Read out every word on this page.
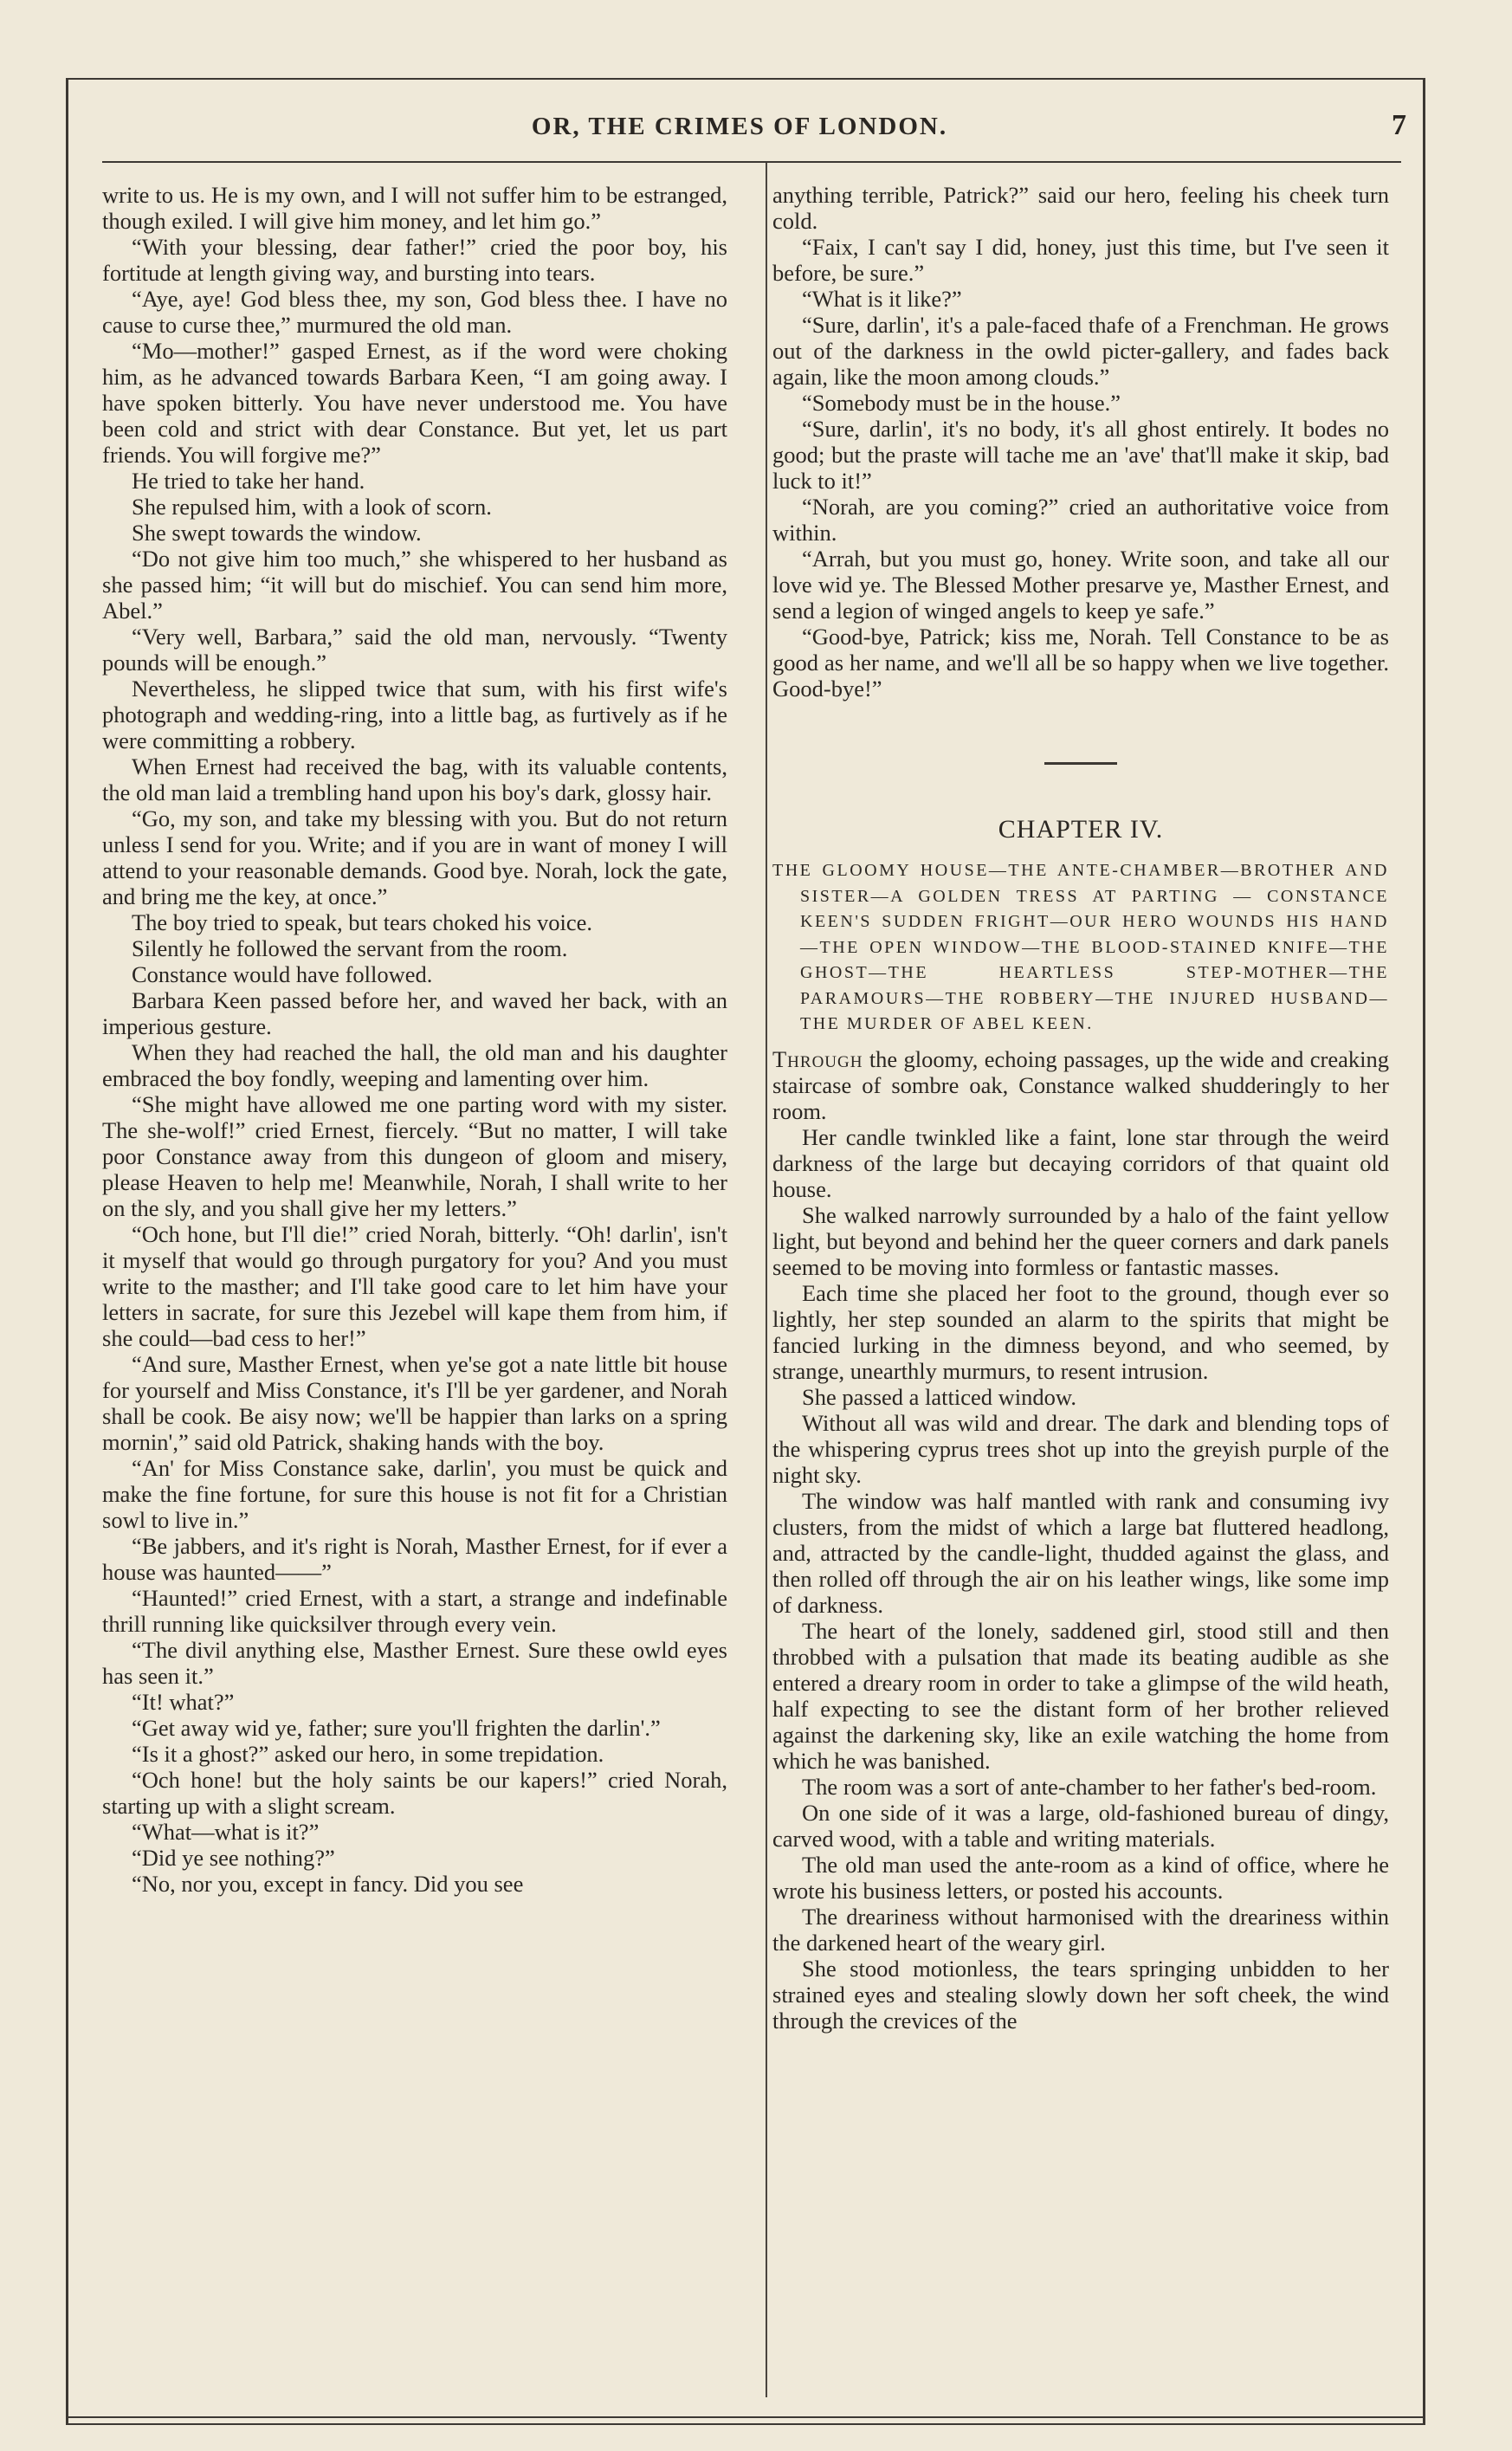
OR, THE CRIMES OF LONDON.	7

write to us. He is my own, and I will not suffer him to be estranged, though exiled. I will give him money, and let him go.”

“With your blessing, dear father!” cried the poor boy, his fortitude at length giving way, and bursting into tears.

“Aye, aye! God bless thee, my son, God bless thee. I have no cause to curse thee,” murmured the old man.

“Mo—mother!” gasped Ernest, as if the word were choking him, as he advanced towards Barbara Keen, “I am going away. I have spoken bitterly. You have never understood me. You have been cold and strict with dear Constance. But yet, let us part friends. You will forgive me?”

He tried to take her hand.

She repulsed him, with a look of scorn.

She swept towards the window.

“Do not give him too much,” she whispered to her husband as she passed him; “it will but do mischief. You can send him more, Abel.”

“Very well, Barbara,” said the old man, nervously. “Twenty pounds will be enough.”

Nevertheless, he slipped twice that sum, with his first wife's photograph and wedding-ring, into a little bag, as furtively as if he were committing a robbery.

When Ernest had received the bag, with its valuable contents, the old man laid a trembling hand upon his boy's dark, glossy hair.

“Go, my son, and take my blessing with you. But do not return unless I send for you. Write; and if you are in want of money I will attend to your reasonable demands. Good bye. Norah, lock the gate, and bring me the key, at once.”

The boy tried to speak, but tears choked his voice.

Silently he followed the servant from the room.

Constance would have followed.

Barbara Keen passed before her, and waved her back, with an imperious gesture.

When they had reached the hall, the old man and his daughter embraced the boy fondly, weeping and lamenting over him.

“She might have allowed me one parting word with my sister. The she-wolf!” cried Ernest, fiercely. “But no matter, I will take poor Constance away from this dungeon of gloom and misery, please Heaven to help me! Meanwhile, Norah, I shall write to her on the sly, and you shall give her my letters.”

“Och hone, but I'll die!” cried Norah, bitterly. “Oh! darlin', isn't it myself that would go through purgatory for you? And you must write to the masther; and I'll take good care to let him have your letters in sacrate, for sure this Jezebel will kape them from him, if she could—bad cess to her!”

“And sure, Masther Ernest, when ye'se got a nate little bit house for yourself and Miss Constance, it's I'll be yer gardener, and Norah shall be cook. Be aisy now; we'll be happier than larks on a spring mornin',” said old Patrick, shaking hands with the boy.

“An' for Miss Constance sake, darlin', you must be quick and make the fine fortune, for sure this house is not fit for a Christian sowl to live in.”

“Be jabbers, and it's right is Norah, Masther Ernest, for if ever a house was haunted——”

“Haunted!” cried Ernest, with a start, a strange and indefinable thrill running like quicksilver through every vein.

“The divil anything else, Masther Ernest. Sure these owld eyes has seen it.”

“It! what?”

“Get away wid ye, father; sure you'll frighten the darlin'.”

“Is it a ghost?” asked our hero, in some trepidation.

“Och hone! but the holy saints be our kapers!” cried Norah, starting up with a slight scream.

“What—what is it?”

“Did ye see nothing?”

“No, nor you, except in fancy. Did you see

anything terrible, Patrick?” said our hero, feeling his cheek turn cold.

“Faix, I can't say I did, honey, just this time, but I've seen it before, be sure.”

“What is it like?”

“Sure, darlin', it's a pale-faced thafe of a Frenchman. He grows out of the darkness in the owld picter-gallery, and fades back again, like the moon among clouds.”

“Somebody must be in the house.”

“Sure, darlin', it's no body, it's all ghost entirely. It bodes no good; but the praste will tache me an 'ave' that'll make it skip, bad luck to it!”

“Norah, are you coming?” cried an authoritative voice from within.

“Arrah, but you must go, honey. Write soon, and take all our love wid ye. The Blessed Mother presarve ye, Masther Ernest, and send a legion of winged angels to keep ye safe.”

“Good-bye, Patrick; kiss me, Norah. Tell Constance to be as good as her name, and we'll all be so happy when we live together. Good-bye!”

CHAPTER IV.
THE GLOOMY HOUSE—THE ANTE-CHAMBER—BROTHER AND SISTER—A GOLDEN TRESS AT PARTING — CONSTANCE KEEN'S SUDDEN FRIGHT—OUR HERO WOUNDS HIS HAND—THE OPEN WINDOW—THE BLOOD-STAINED KNIFE—THE GHOST—THE HEARTLESS STEP-MOTHER—THE PARAMOURS—THE ROBBERY—THE INJURED HUSBAND—THE MURDER OF ABEL KEEN.

Through the gloomy, echoing passages, up the wide and creaking staircase of sombre oak, Constance walked shudderingly to her room.

Her candle twinkled like a faint, lone star through the weird darkness of the large but decaying corridors of that quaint old house.

She walked narrowly surrounded by a halo of the faint yellow light, but beyond and behind her the queer corners and dark panels seemed to be moving into formless or fantastic masses.

Each time she placed her foot to the ground, though ever so lightly, her step sounded an alarm to the spirits that might be fancied lurking in the dimness beyond, and who seemed, by strange, unearthly murmurs, to resent intrusion.

She passed a latticed window.

Without all was wild and drear. The dark and blending tops of the whispering cyprus trees shot up into the greyish purple of the night sky.

The window was half mantled with rank and consuming ivy clusters, from the midst of which a large bat fluttered headlong, and, attracted by the candle-light, thudded against the glass, and then rolled off through the air on his leather wings, like some imp of darkness.

The heart of the lonely, saddened girl, stood still and then throbbed with a pulsation that made its beating audible as she entered a dreary room in order to take a glimpse of the wild heath, half expecting to see the distant form of her brother relieved against the darkening sky, like an exile watching the home from which he was banished.

The room was a sort of ante-chamber to her father's bed-room.

On one side of it was a large, old-fashioned bureau of dingy, carved wood, with a table and writing materials.

The old man used the ante-room as a kind of office, where he wrote his business letters, or posted his accounts.

The dreariness without harmonised with the dreariness within the darkened heart of the weary girl.

She stood motionless, the tears springing unbidden to her strained eyes and stealing slowly down her soft cheek, the wind through the crevices of the
